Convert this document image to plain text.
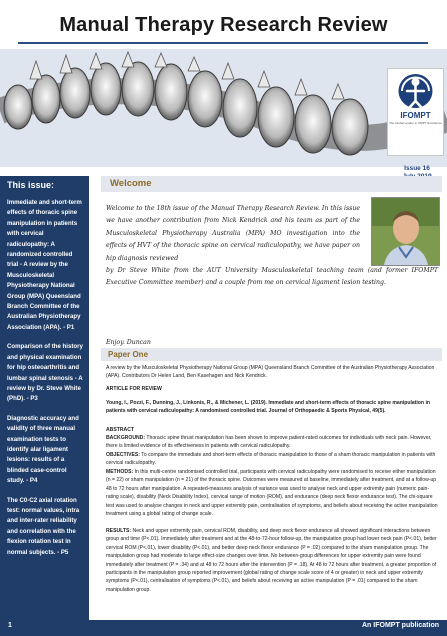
Manual Therapy Research Review
IFOMPT
The Global Leader in OMPT Excellence
Issue 16
This issue:
Immediate and short-term effects of thoracic spine manipulation in patients with cervical radiculopathy: A randomized controlled trial - A review by the Musculoskeletal Physiotherapy National Group (MPA) Queensland Branch Committee of the Australian Physiotherapy Association (APA). - P1
Comparison of the history and physical examination for hip osteoarthritis and lumbar spinal stenosis - A review by Dr. Steve White (PhD). - P3
Diagnostic accuracy and validity of three manual examination tests to identify alar ligament lesions: results of a blinded case-control study. - P4
The C0-C2 axial rotation test: normal values, intra and inter-rater reliability and correlation with the flexion rotation test in normal subjects. - P5
Welcome
Welcome to the 18th issue of the Manual Therapy Research Review. In this issue we have another contribution from Nick Kendrick and his team as part of the Musculoskeletal Physiotherapy Australia (MPA) MO investigation into the effects of HVT of the thoracic spine on cervical radiculopathy, we have paper on hip diagnosis reviewed
by Dr Steve White from the AUT University Musculoskeletal teaching team (and former IFOMPT Executive Committee member) and a couple from me on cervical ligament lesion testing.
Enjoy. Duncan
Paper One
A review by the Musculoskeletal Physiotherapy National Group (MPA) Queensland Branch Committee of the Australian Physiotherapy Association (APA). Contributors Dr Helen Land, Ben Kasehagen and Nick Kendrick.
ARTICLE FOR REVIEW
Young, I., Pozzi, F., Dunning, J., Linkonis, R., & Michener, L. (2019). Immediate and short-term effects of thoracic spine manipulation in patients with cervical radiculopathy: A randomised controlled trial. Journal of Orthopaedic & Sports Physical, 49(5).
ABSTRACT
BACKGROUND: Thoracic spine thrust manipulation has been shown to improve patient-rated outcomes for individuals with neck pain. However, there is limited evidence of its effectiveness in patients with cervical radiculopathy.
OBJECTIVES: To compare the immediate and short-term effects of thoracic manipulation to those of a sham thoracic manipulation in patients with cervical radiculopathy.
METHODS: In this multi-centre randomised controlled trial, participants with cervical radiculopathy were randomised to receive either manipulation (n = 22) or sham manipulation (n = 21) of the thoracic spine. Outcomes were measured at baseline, immediately after treatment, and at a follow-up 48 to 72 hours after manipulation. A repeated-measures analysis of variance was used to analyse neck and upper extremity pain (numeric pain-rating scale), disability (Neck Disability Index), cervical range of motion (ROM), and endurance (deep neck flexor endurance test). The chi-square test was used to analyse changes in neck and upper extremity pain, centralisation of symptoms, and beliefs about receiving the active manipulation treatment using a global rating of change scale.
RESULTS: Neck and upper extremity pain, cervical ROM, disability, and deep neck flexor endurance all showed significant interactions between group and time (P<.01). Immediately after treatment and at the 48-to-72-hour follow-up, the manipulation group had lower neck pain (P<.01), better cervical ROM (P<.01), lower disability (P<.01), and better deep neck flexor endurance (P = .02) compared to the sham manipulation group. The manipulation group had moderate to large effect-size changes over time. No between-group differences for upper extremity pain were found immediately after treatment (P = .34) and at 48 to 72 hours after the intervention (P = .18). At 48 to 72 hours after treatment, a greater proportion of participants in the manipulation group reported improvement (global rating of change scale score of 4 or greater) in neck and upper extremity symptoms (P<.01), centralisation of symptoms (P<.01), and beliefs about receiving an active manipulation (P = .01) compared to the sham manipulation group.
1	An IFOMPT publication
